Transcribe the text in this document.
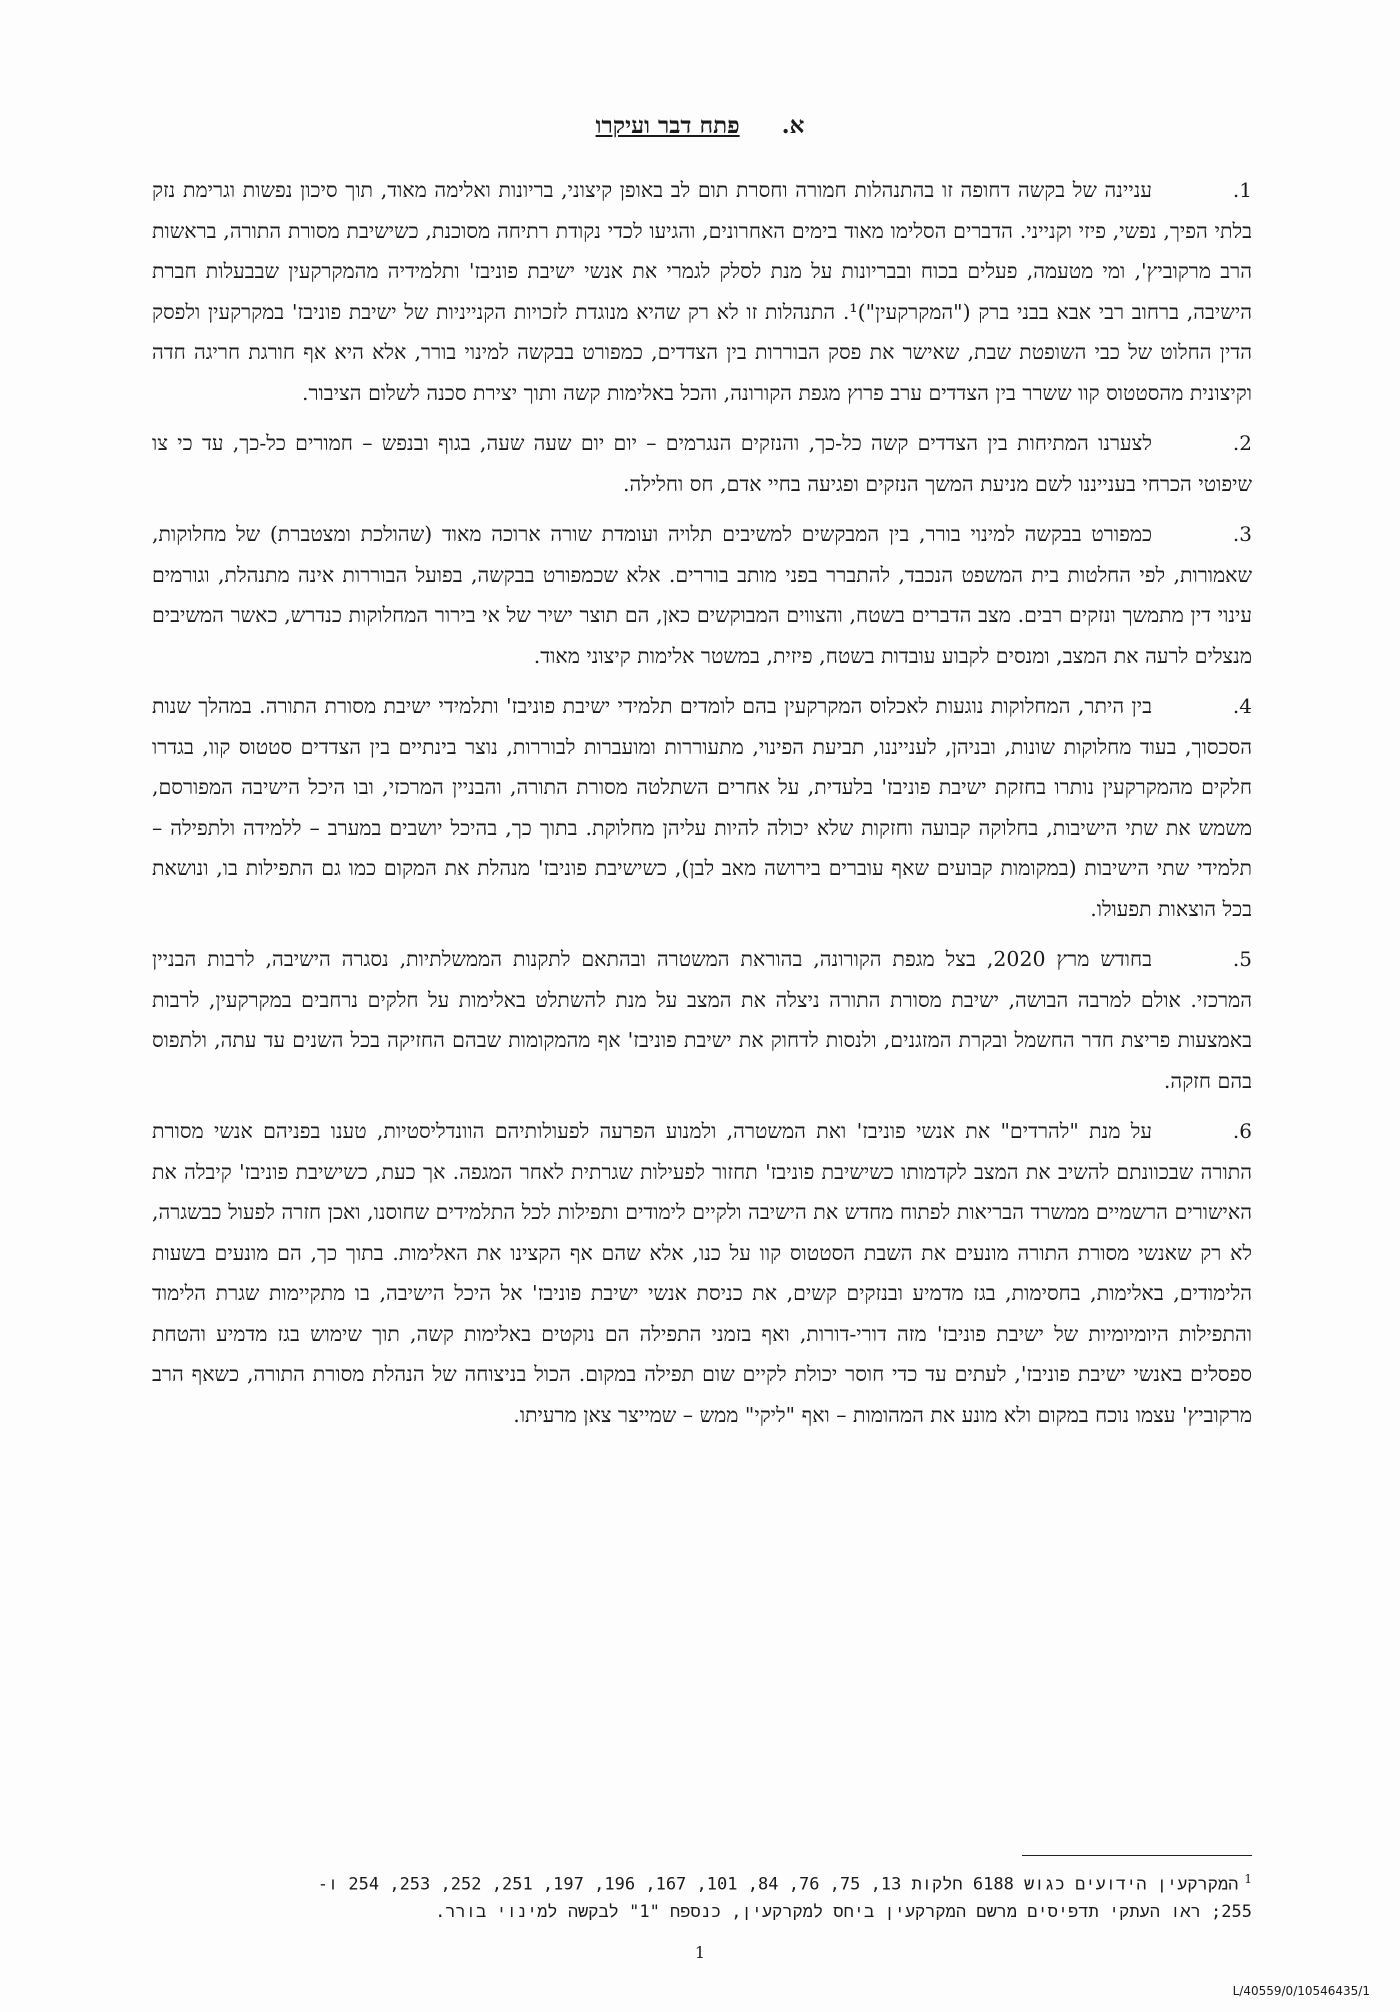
א. פתח דבר ועיקרו

1.
עניינה של בקשה דחופה זו בהתנהלות חמורה וחסרת תום לב באופן קיצוני, בריונות ואלימה מאוד, תוך סיכון נפשות וגרימת נזק בלתי הפיך, נפשי, פיזי וקנייני. הדברים הסלימו מאוד בימים האחרונים, והגיעו לכדי נקודת רתיחה מסוכנת, כשישיבת מסורת התורה, בראשות הרב מרקוביץ', ומי מטעמה, פעלים בכוח ובבריונות על מנת לסלק לגמרי את אנשי ישיבת פוניבז' ותלמידיה מהמקרקעין שבבעלות חברת הישיבה, ברחוב רבי אבא בבני ברק ("המקרקעין")¹. התנהלות זו לא רק שהיא מנוגדת לזכויות הקנייניות של ישיבת פוניבז' במקרקעין ולפסק הדין החלוט של כבי השופטת שבת, שאישר את פסק הבוררות בין הצדדים, כמפורט בבקשה למינוי בורר, אלא היא אף חורגת חריגה חדה וקיצונית מהסטטוס קוו ששרר בין הצדדים ערב פרוץ מגפת הקורונה, והכל באלימות קשה ותוך יצירת סכנה לשלום הציבור.

2.
לצערנו המתיחות בין הצדדים קשה כל-כך, והנזקים הנגרמים – יום יום שעה שעה, בגוף ובנפש – חמורים כל-כך, עד כי צו שיפוטי הכרחי בענייננו לשם מניעת המשך הנזקים ופגיעה בחיי אדם, חס וחלילה.

3.
כמפורט בבקשה למינוי בורר, בין המבקשים למשיבים תלויה ועומדת שורה ארוכה מאוד (שהולכת ומצטברת) של מחלוקות, שאמורות, לפי החלטות בית המשפט הנכבד, להתברר בפני מותב בוררים. אלא שכמפורט בבקשה, בפועל הבוררות אינה מתנהלת, וגורמים עינוי דין מתמשך ונזקים רבים. מצב הדברים בשטח, והצווים המבוקשים כאן, הם תוצר ישיר של אי בירור המחלוקות כנדרש, כאשר המשיבים מנצלים לרעה את המצב, ומנסים לקבוע עובדות בשטח, פיזית, במשטר אלימות קיצוני מאוד.

4.
בין היתר, המחלוקות נוגעות לאכלוס המקרקעין בהם לומדים תלמידי ישיבת פוניבז' ותלמידי ישיבת מסורת התורה. במהלך שנות הסכסוך, בעוד מחלוקות שונות, ובניהן, לענייננו, תביעת הפינוי, מתעוררות ומועברות לבוררות, נוצר בינתיים בין הצדדים סטטוס קוו, בגדרו חלקים מהמקרקעין נותרו בחזקת ישיבת פוניבז' בלעדית, על אחרים השתלטה מסורת התורה, והבניין המרכזי, ובו היכל הישיבה המפורסם, משמש את שתי הישיבות, בחלוקה קבועה וחזקות שלא יכולה להיות עליהן מחלוקת. בתוך כך, בהיכל יושבים במערב – ללמידה ולתפילה – תלמידי שתי הישיבות (במקומות קבועים שאף עוברים בירושה מאב לבן), כשישיבת פוניבז' מנהלת את המקום כמו גם התפילות בו, ונושאת בכל הוצאות תפעולו.

5.
בחודש מרץ 2020, בצל מגפת הקורונה, בהוראת המשטרה ובהתאם לתקנות הממשלתיות, נסגרה הישיבה, לרבות הבניין המרכזי. אולם למרבה הבושה, ישיבת מסורת התורה ניצלה את המצב על מנת להשתלט באלימות על חלקים נרחבים במקרקעין, לרבות באמצעות פריצת חדר החשמל ובקרת המזגנים, ולנסות לדחוק את ישיבת פוניבז' אף מהמקומות שבהם החזיקה בכל השנים עד עתה, ולתפוס בהם חזקה.

6.
על מנת "להרדים" את אנשי פוניבז' ואת המשטרה, ולמנוע הפרעה לפעולותיהם הוונדליסטיות, טענו בפניהם אנשי מסורת התורה שבכוונתם להשיב את המצב לקדמותו כשישיבת פוניבז' תחזור לפעילות שגרתית לאחר המגפה. אך כעת, כשישיבת פוניבז' קיבלה את האישורים הרשמיים ממשרד הבריאות לפתוח מחדש את הישיבה ולקיים לימודים ותפילות לכל התלמידים שחוסנו, ואכן חזרה לפעול כבשגרה, לא רק שאנשי מסורת התורה מונעים את השבת הסטטוס קוו על כנו, אלא שהם אף הקצינו את האלימות. בתוך כך, הם מונעים בשעות הלימודים, באלימות, בחסימות, בגז מדמיע ובנזקים קשים, את כניסת אנשי ישיבת פוניבז' אל היכל הישיבה, בו מתקיימות שגרת הלימוד והתפילות היומיומיות של ישיבת פוניבז' מזה דורי-דורות, ואף בזמני התפילה הם נוקטים באלימות קשה, תוך שימוש בגז מדמיע והטחת ספסלים באנשי ישיבת פוניבז', לעתים עד כדי חוסר יכולת לקיים שום תפילה במקום. הכול בניצוחה של הנהלת מסורת התורה, כשאף הרב מרקוביץ' עצמו נוכח במקום ולא מונע את המהומות – ואף "ליקי" ממש – שמייצר צאן מרעיתו.

$^1$המקרקעין הידועים כגוש 6188 חלקות 13, 75, 76, 84, 101, 167, 196, 197, 251, 252, 253, 254 ו-
255; ראו העתקי תדפיסים מרשם המקרקעין ביחס למקרקעין, כנספח "1" לבקשה למינוי בורר.
1
L/40559/0/10546435/1
